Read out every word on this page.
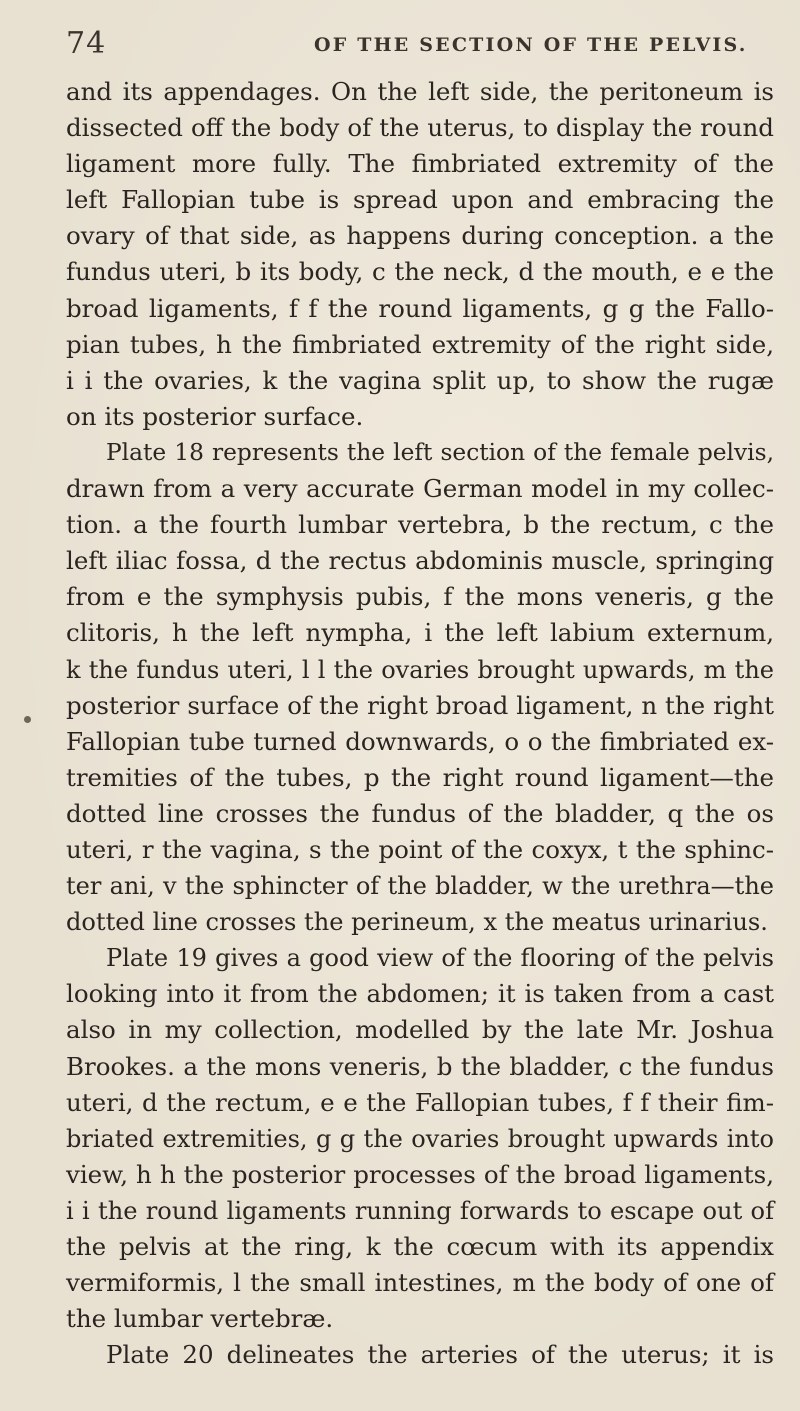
74	OF THE SECTION OF THE PELVIS.
and its appendages. On the left side, the peritoneum is
dissected off the body of the uterus, to display the round
ligament more fully. The fimbriated extremity of the
left Fallopian tube is spread upon and embracing the
ovary of that side, as happens during conception. a the
fundus uteri, b its body, c the neck, d the mouth, e e the
broad ligaments, f f the round ligaments, g g the Fallo-
pian tubes, h the fimbriated extremity of the right side,
i i the ovaries, k the vagina split up, to show the rugæ
on its posterior surface.
Plate 18 represents the left section of the female pelvis,
drawn from a very accurate German model in my collec-
tion. a the fourth lumbar vertebra, b the rectum, c the
left iliac fossa, d the rectus abdominis muscle, springing
from e the symphysis pubis, f the mons veneris, g the
clitoris, h the left nympha, i the left labium externum,
k the fundus uteri, l l the ovaries brought upwards, m the
posterior surface of the right broad ligament, n the right
Fallopian tube turned downwards, o o the fimbriated ex-
tremities of the tubes, p the right round ligament—the
dotted line crosses the fundus of the bladder, q the os
uteri, r the vagina, s the point of the coxyx, t the sphinc-
ter ani, v the sphincter of the bladder, w the urethra—the
dotted line crosses the perineum, x the meatus urinarius.
Plate 19 gives a good view of the flooring of the pelvis
looking into it from the abdomen; it is taken from a cast
also in my collection, modelled by the late Mr. Joshua
Brookes. a the mons veneris, b the bladder, c the fundus
uteri, d the rectum, e e the Fallopian tubes, f f their fim-
briated extremities, g g the ovaries brought upwards into
view, h h the posterior processes of the broad ligaments,
i i the round ligaments running forwards to escape out of
the pelvis at the ring, k the cœcum with its appendix
vermiformis, l the small intestines, m the body of one of
the lumbar vertebræ.
Plate 20 delineates the arteries of the uterus; it is
